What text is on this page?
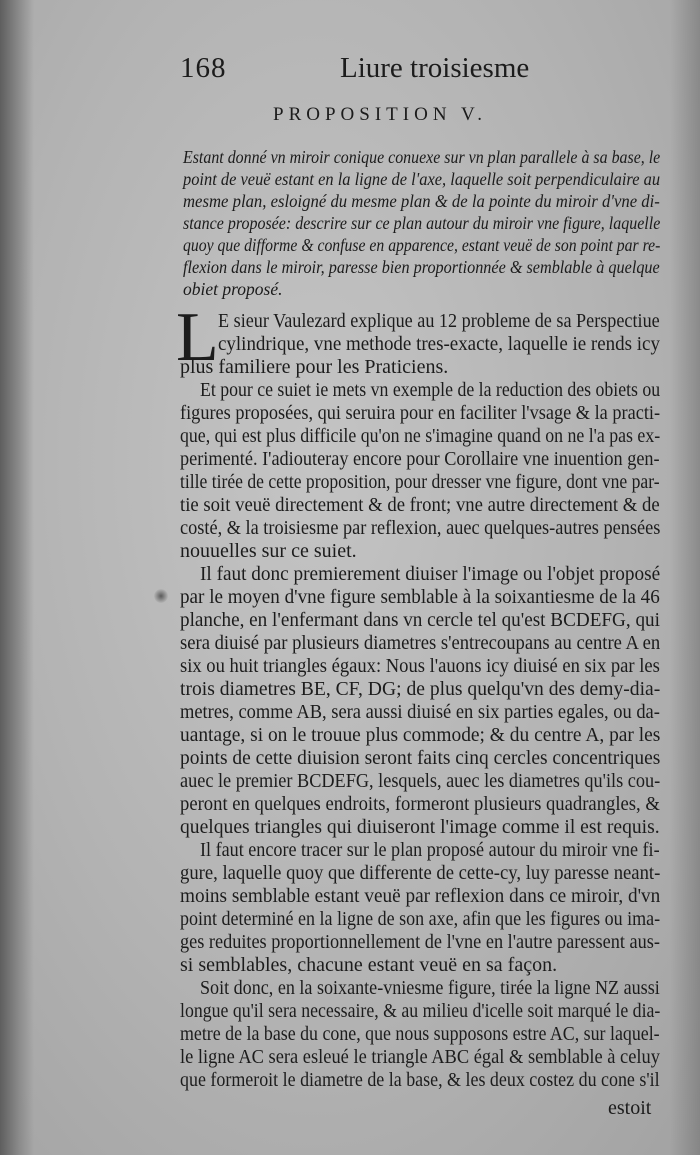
168	Liure troisiesme
PROPOSITION V.
Estant donné vn miroir conique conuexe sur vn plan parallele à sa base, le
point de veuë estant en la ligne de l'axe, laquelle soit perpendiculaire au
mesme plan, esloigné du mesme plan & de la pointe du miroir d'vne di-
stance proposée: descrire sur ce plan autour du miroir vne figure, laquelle
quoy que difforme & confuse en apparence, estant veuë de son point par re-
flexion dans le miroir, paresse bien proportionnée & semblable à quelque
obiet proposé.
L E sieur Vaulezard explique au 12 probleme de sa Perspectiue
cylindrique, vne methode tres-exacte, laquelle ie rends icy
plus familiere pour les Praticiens.
Et pour ce suiet ie mets vn exemple de la reduction des obiets ou
figures proposées, qui seruira pour en faciliter l'vsage & la practi-
que, qui est plus difficile qu'on ne s'imagine quand on ne l'a pas ex-
perimenté. I'adiouteray encore pour Corollaire vne inuention gen-
tille tirée de cette proposition, pour dresser vne figure, dont vne par-
tie soit veuë directement & de front; vne autre directement & de
costé, & la troisiesme par reflexion, auec quelques-autres pensées
nouuelles sur ce suiet.
Il faut donc premierement diuiser l'image ou l'objet proposé
par le moyen d'vne figure semblable à la soixantiesme de la 46
planche, en l'enfermant dans vn cercle tel qu'est BCDEFG, qui
sera diuisé par plusieurs diametres s'entrecoupans au centre A en
six ou huit triangles égaux: Nous l'auons icy diuisé en six par les
trois diametres BE, CF, DG; de plus quelqu'vn des demy-dia-
metres, comme AB, sera aussi diuisé en six parties egales, ou da-
uantage, si on le trouue plus commode; & du centre A, par les
points de cette diuision seront faits cinq cercles concentriques
auec le premier BCDEFG, lesquels, auec les diametres qu'ils cou-
peront en quelques endroits, formeront plusieurs quadrangles, &
quelques triangles qui diuiseront l'image comme il est requis.
Il faut encore tracer sur le plan proposé autour du miroir vne fi-
gure, laquelle quoy que differente de cette-cy, luy paresse neant-
moins semblable estant veuë par reflexion dans ce miroir, d'vn
point determiné en la ligne de son axe, afin que les figures ou ima-
ges reduites proportionnellement de l'vne en l'autre paressent aus-
si semblables, chacune estant veuë en sa façon.
Soit donc, en la soixante-vniesme figure, tirée la ligne NZ aussi
longue qu'il sera necessaire, & au milieu d'icelle soit marqué le dia-
metre de la base du cone, que nous supposons estre AC, sur laquel-
le ligne AC sera esleué le triangle ABC égal & semblable à celuy
que formeroit le diametre de la base, & les deux costez du cone s'il
estoit
